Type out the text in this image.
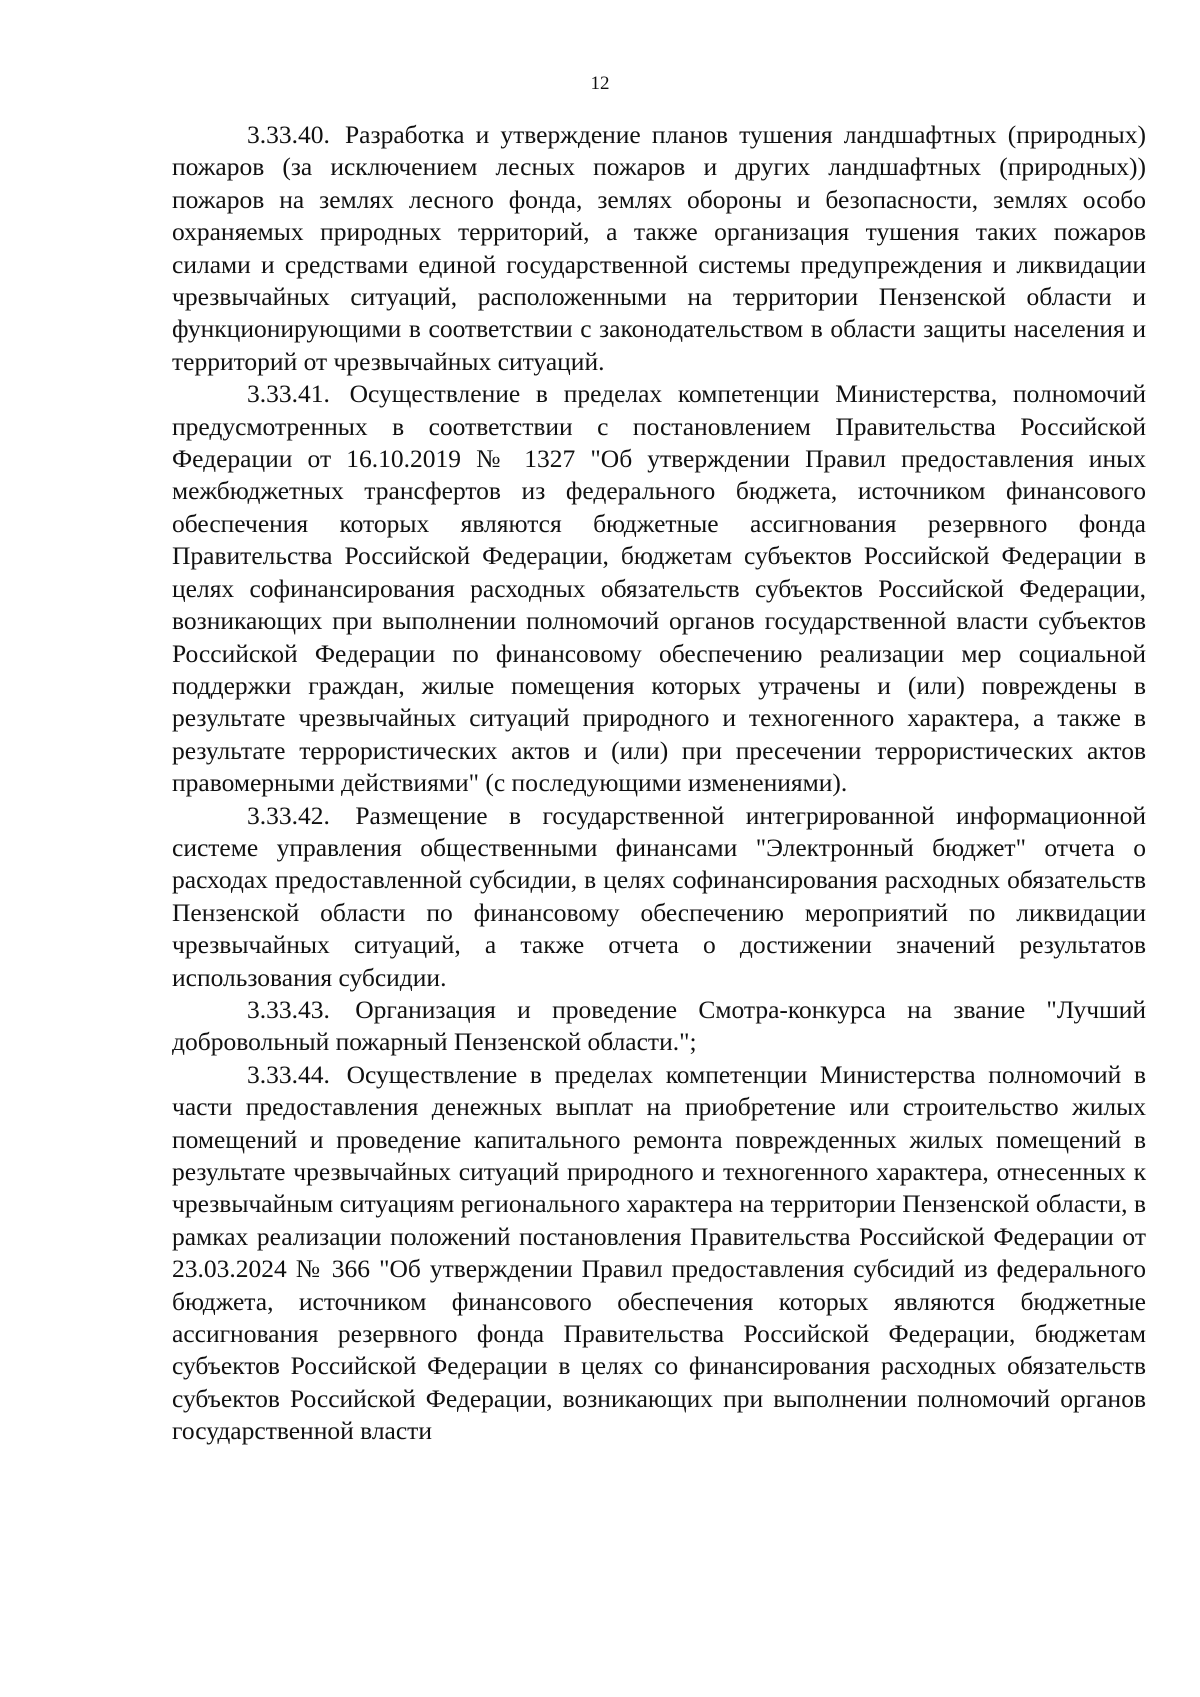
12

3.33.40. Разработка и утверждение планов тушения ландшафтных (природных) пожаров (за исключением лесных пожаров и других ландшафтных (природных)) пожаров на землях лесного фонда, землях обороны и безопасности, землях особо охраняемых природных территорий, а также организация тушения таких пожаров силами и средствами единой государственной системы предупреждения и ликвидации чрезвычайных ситуаций, расположенными на территории Пензенской области и функционирующими в соответствии с законодательством в области защиты населения и территорий от чрезвычайных ситуаций.

3.33.41. Осуществление в пределах компетенции Министерства, полномочий предусмотренных в соответствии с постановлением Правительства Российской Федерации от 16.10.2019 № 1327 "Об утверждении Правил предоставления иных межбюджетных трансфертов из федерального бюджета, источником финансового обеспечения которых являются бюджетные ассигнования резервного фонда Правительства Российской Федерации, бюджетам субъектов Российской Федерации в целях софинансирования расходных обязательств субъектов Российской Федерации, возникающих при выполнении полномочий органов государственной власти субъектов Российской Федерации по финансовому обеспечению реализации мер социальной поддержки граждан, жилые помещения которых утрачены и (или) повреждены в результате чрезвычайных ситуаций природного и техногенного характера, а также в результате террористических актов и (или) при пресечении террористических актов правомерными действиями" (с последующими изменениями).

3.33.42. Размещение в государственной интегрированной информационной системе управления общественными финансами "Электронный бюджет" отчета о расходах предоставленной субсидии, в целях софинансирования расходных обязательств Пензенской области по финансовому обеспечению мероприятий по ликвидации чрезвычайных ситуаций, а также отчета о достижении значений результатов использования субсидии.

3.33.43. Организация и проведение Смотра-конкурса на звание "Лучший добровольный пожарный Пензенской области.";

3.33.44. Осуществление в пределах компетенции Министерства полномочий в части предоставления денежных выплат на приобретение или строительство жилых помещений и проведение капитального ремонта поврежденных жилых помещений в результате чрезвычайных ситуаций природного и техногенного характера, отнесенных к чрезвычайным ситуациям регионального характера на территории Пензенской области, в рамках реализации положений постановления Правительства Российской Федерации от 23.03.2024 № 366 "Об утверждении Правил предоставления субсидий из федерального бюджета, источником финансового обеспечения которых являются бюджетные ассигнования резервного фонда Правительства Российской Федерации, бюджетам субъектов Российской Федерации в целях со финансирования расходных обязательств субъектов Российской Федерации, возникающих при выполнении полномочий органов государственной власти
